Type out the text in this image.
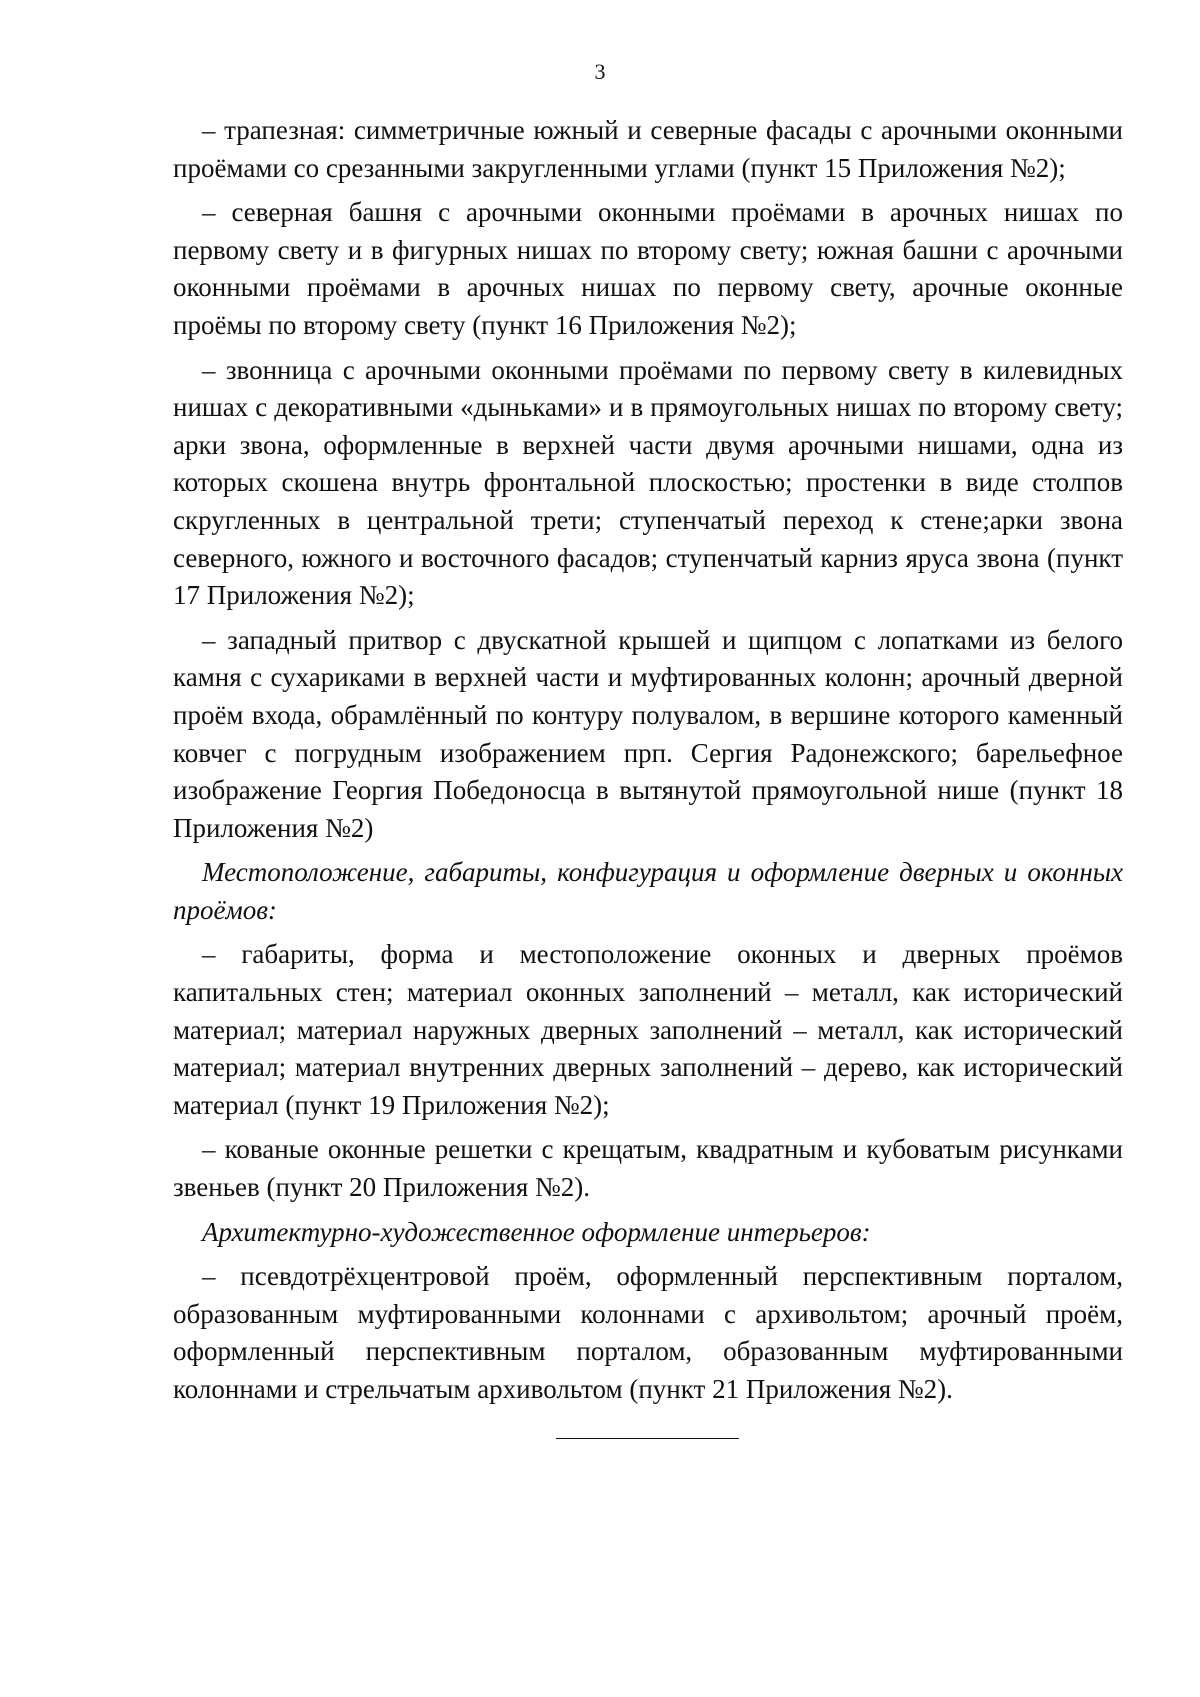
3

– трапезная: симметричные южный и северные фасады с арочными оконными проёмами со срезанными закругленными углами (пункт 15 Приложения №2);

– северная башня с арочными оконными проёмами в арочных нишах по первому свету и в фигурных нишах по второму свету; южная башни с арочными оконными проёмами в арочных нишах по первому свету, арочные оконные проёмы по второму свету (пункт 16 Приложения №2);

– звонница с арочными оконными проёмами по первому свету в килевидных нишах с декоративными «дыньками» и в прямоугольных нишах по второму свету; арки звона, оформленные в верхней части двумя арочными нишами, одна из которых скошена внутрь фронтальной плоскостью; простенки в виде столпов скругленных в центральной трети; ступенчатый переход к стене;арки звона северного, южного и восточного фасадов; ступенчатый карниз яруса звона (пункт 17 Приложения №2);

– западный притвор с двускатной крышей и щипцом с лопатками из белого камня с сухариками в верхней части и муфтированных колонн; арочный дверной проём входа, обрамлённый по контуру полувалом, в вершине которого каменный ковчег с погрудным изображением прп. Сергия Радонежского; барельефное изображение Георгия Победоносца в вытянутой прямоугольной нише (пункт 18 Приложения №2)

Местоположение, габариты, конфигурация и оформление дверных и оконных проёмов:

– габариты, форма и местоположение оконных и дверных проёмов капитальных стен; материал оконных заполнений – металл, как исторический материал; материал наружных дверных заполнений – металл, как исторический материал; материал внутренних дверных заполнений – дерево, как исторический материал (пункт 19 Приложения №2);

– кованые оконные решетки с крещатым, квадратным и кубоватым рисунками звеньев (пункт 20 Приложения №2).

Архитектурно-художественное оформление интерьеров:

– псевдотрёхцентровой проём, оформленный перспективным порталом, образованным муфтированными колоннами с архивольтом; арочный проём, оформленный перспективным порталом, образованным муфтированными колоннами и стрельчатым архивольтом (пункт 21 Приложения №2).
